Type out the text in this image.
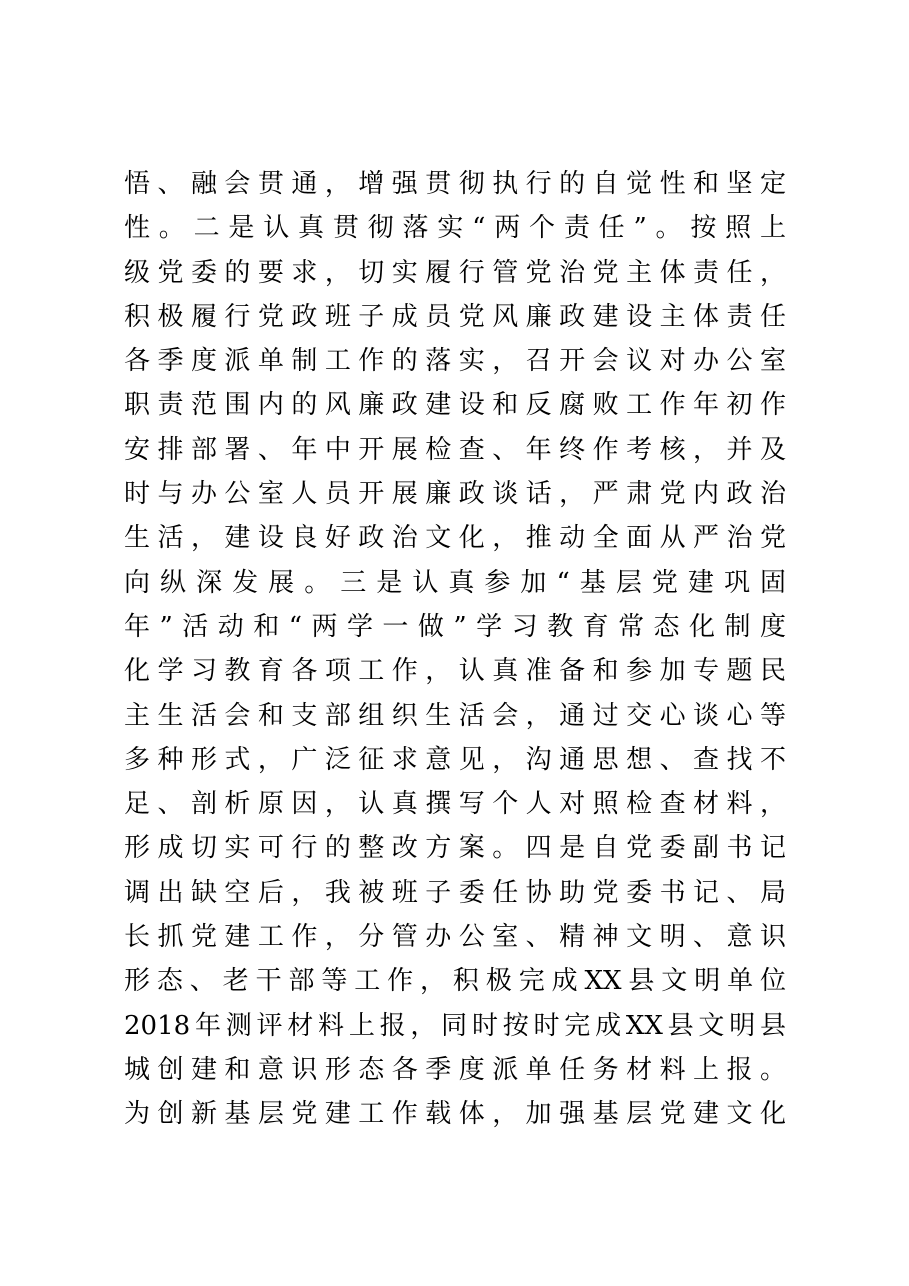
悟、融会贯通，增强贯彻执行的自觉性和坚定
性。二是认真贯彻落实“两个责任”。按照上
级党委的要求，切实履行管党治党主体责任，
积极履行党政班子成员党风廉政建设主体责任
各季度派单制工作的落实，召开会议对办公室
职责范围内的风廉政建设和反腐败工作年初作
安排部署、年中开展检查、年终作考核，并及
时与办公室人员开展廉政谈话，严肃党内政治
生活，建设良好政治文化，推动全面从严治党
向纵深发展。三是认真参加“基层党建巩固
年”活动和“两学一做”学习教育常态化制度
化学习教育各项工作，认真准备和参加专题民
主生活会和支部组织生活会，通过交心谈心等
多种形式，广泛征求意见，沟通思想、查找不
足、剖析原因，认真撰写个人对照检查材料，
形成切实可行的整改方案。四是自党委副书记
调出缺空后，我被班子委任协助党委书记、局
长抓党建工作，分管办公室、精神文明、意识
形态、老干部等工作，积极完成XX县文明单位
2018年测评材料上报，同时按时完成XX县文明县
城创建和意识形态各季度派单任务材料上报。
为创新基层党建工作载体，加强基层党建文化
